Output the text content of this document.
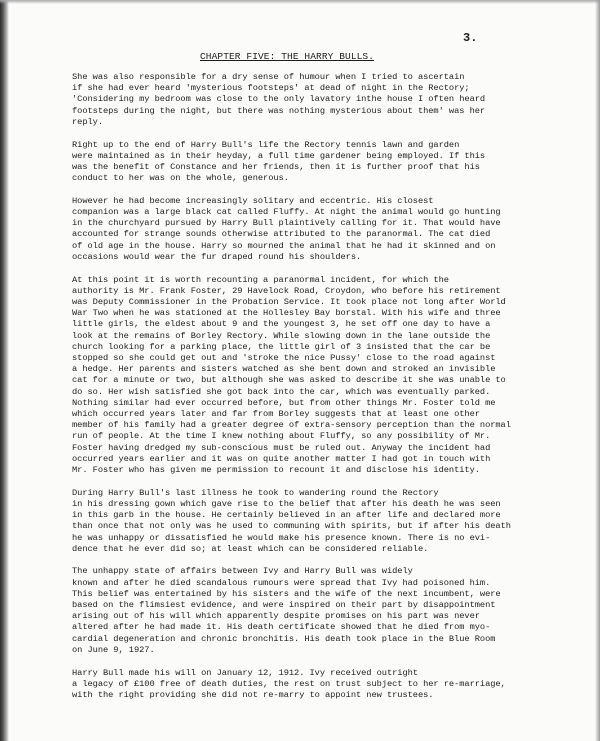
3.
CHAPTER FIVE: THE HARRY BULLS.

She was also responsible for a dry sense of humour when I tried to ascertain
if she had ever heard 'mysterious footsteps' at dead of night in the Rectory;
'Considering my bedroom was close to the only lavatory inthe house I often heard
footsteps during the night, but there was nothing mysterious about them' was her
reply.

Right up to the end of Harry Bull's life the Rectory tennis lawn and garden
were maintained as in their heyday, a full time gardener being employed. If this
was the benefit of Constance and her friends, then it is further proof that his
conduct to her was on the whole, generous.

However he had become increasingly solitary and eccentric. His closest
companion was a large black cat called Fluffy. At night the animal would go hunting
in the churchyard pursued by Harry Bull plaintively calling for it. That would have
accounted for strange sounds otherwise attributed to the paranormal. The cat died
of old age in the house. Harry so mourned the animal that he had it skinned and on
occasions would wear the fur draped round his shoulders.

At this point it is worth recounting a paranormal incident, for which the
authority is Mr. Frank Foster, 29 Havelock Road, Croydon, who before his retirement
was Deputy Commissioner in the Probation Service. It took place not long after World
War Two when he was stationed at the Hollesley Bay borstal. With his wife and three
little girls, the eldest about 9 and the youngest 3, he set off one day to have a
look at the remains of Borley Rectory. While slowing down in the lane outside the
church looking for a parking place, the little girl of 3 insisted that the car be
stopped so she could get out and 'stroke the nice Pussy' close to the road against
a hedge. Her parents and sisters watched as she bent down and stroked an invisible
cat for a minute or two, but although she was asked to describe it she was unable to
do so. Her wish satisfied she got back into the car, which was eventually parked.
Nothing similar had ever occurred before, but from other things Mr. Foster told me
which occurred years later and far from Borley suggests that at least one other
member of his family had a greater degree of extra-sensory perception than the normal
run of people. At the time I knew nothing about Fluffy, so any possibility of Mr.
Foster having dredged my sub-conscious must be ruled out. Anyway the incident had
occurred years earlier and it was on quite another matter I had got in touch with
Mr. Foster who has given me permission to recount it and disclose his identity.

During Harry Bull's last illness he took to wandering round the Rectory
in his dressing gown which gave rise to the belief that after his death he was seen
in this garb in the house. He certainly believed in an after life and declared more
than once that not only was he used to communing with spirits, but if after his death
he was unhappy or dissatisfied he would make his presence known. There is no evi-
dence that he ever did so; at least which can be considered reliable.

The unhappy state of affairs between Ivy and Harry Bull was widely
known and after he died scandalous rumours were spread that Ivy had poisoned him.
This belief was entertained by his sisters and the wife of the next incumbent, were
based on the flimsiest evidence, and were inspired on their part by disappointment
arising out of his will which apparently despite promises on his part was never
altered after he had made it. His death certificate showed that he died from myo-
cardial degeneration and chronic bronchitis. His death took place in the Blue Room
on June 9, 1927.

Harry Bull made his will on January 12, 1912. Ivy received outright
a legacy of £100 free of death duties, the rest on trust subject to her re-marriage,
with the right providing she did not re-marry to appoint new trustees.
